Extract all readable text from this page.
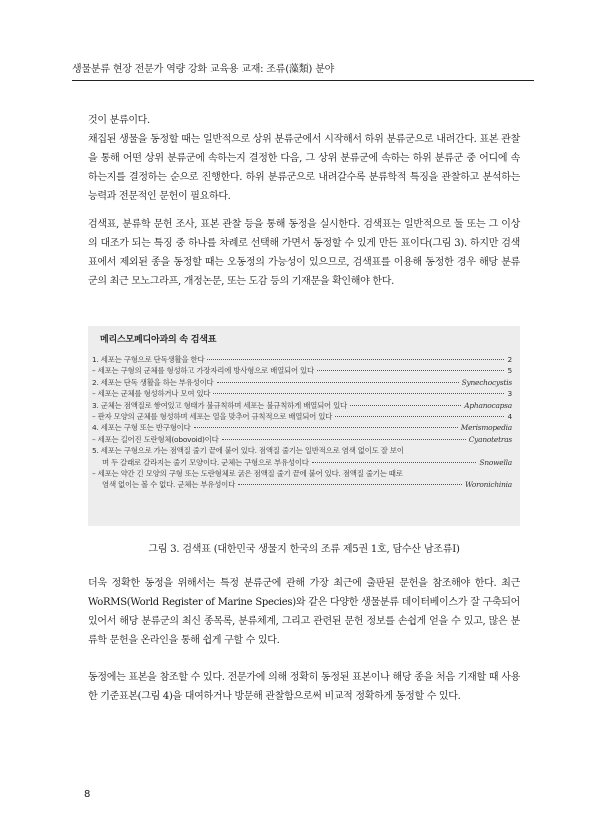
생물분류 현장 전문가 역량 강화 교육용 교재: 조류(藻類) 분야

것이 분류이다.

채집된 생물을 동정할 때는 일반적으로 상위 분류군에서 시작해서 하위 분류군으로 내려간다. 표본 관찰을 통해 어떤 상위 분류군에 속하는지 결정한 다음, 그 상위 분류군에 속하는 하위 분류군 중 어디에 속하는지를 결정하는 순으로 진행한다. 하위 분류군으로 내려갈수록 분류학적 특징을 관찰하고 분석하는 능력과 전문적인 문헌이 필요하다.

검색표, 분류학 문헌 조사, 표본 관찰 등을 통해 동정을 실시한다. 검색표는 일반적으로 둘 또는 그 이상의 대조가 되는 특징 중 하나를 차례로 선택해 가면서 동정할 수 있게 만든 표이다(그림 3). 하지만 검색표에서 제외된 종을 동정할 때는 오동정의 가능성이 있으므로, 검색표를 이용해 동정한 경우 해당 분류군의 최근 모노그라프, 개정논문, 또는 도감 등의 기재문을 확인해야 한다.

메리스모페디아과의 속 검색표
1. 세포는 구형으로 단독생활을 한다	2
– 세포는 구형의 군체를 형성하고 가장자리에 방사형으로 배열되어 있다	5
2. 세포는 단독 생활을 하는 부유성이다	Synechocystis
– 세포는 군체를 형성하거나 모여 있다	3
3. 군체는 점액질로 쌓여있고 형태가 불규칙하며 세포는 불규칙하게 배열되어 있다	Aphanocapsa
– 판자 모양의 군체를 형성하며 세포는 열을 맞추어 규칙적으로 배열되어 있다	4
4. 세포는 구형 또는 반구형이다	Merismopedia
– 세포는 길어진 도란형체(obovoid)이다	Cyanotetras
5. 세포는 구형으로 가는 점액질 줄기 끝에 붙어 있다. 점액질 줄기는 일반적으로 염색 없이도 잘 보이
며 두 갈래로 갈라지는 줄기 모양이다. 군체는 구형으로 부유성이다	Snowella
– 세포는 약간 긴 모양의 구형 또는 도란형체로 굵은 점액질 줄기 끝에 붙어 있다. 점액질 줄기는 때로
염색 없이는 볼 수 없다. 군체는 부유성이다	Woronichinia
그림 3. 검색표 (대한민국 생물지 한국의 조류 제5권 1호, 담수산 남조류Ⅰ)

더욱 정확한 동정을 위해서는 특정 분류군에 관해 가장 최근에 출판된 문헌을 참조해야 한다. 최근 WoRMS(World Register of Marine Species)와 같은 다양한 생물분류 데이터베이스가 잘 구축되어 있어서 해당 분류군의 최신 종목록, 분류체계, 그리고 관련된 문헌 정보를 손쉽게 얻을 수 있고, 많은 분류학 문헌을 온라인을 통해 쉽게 구할 수 있다.

동정에는 표본을 참조할 수 있다. 전문가에 의해 정확히 동정된 표본이나 해당 종을 처음 기재할 때 사용한 기준표본(그림 4)을 대여하거나 방문해 관찰함으로써 비교적 정확하게 동정할 수 있다.

8
